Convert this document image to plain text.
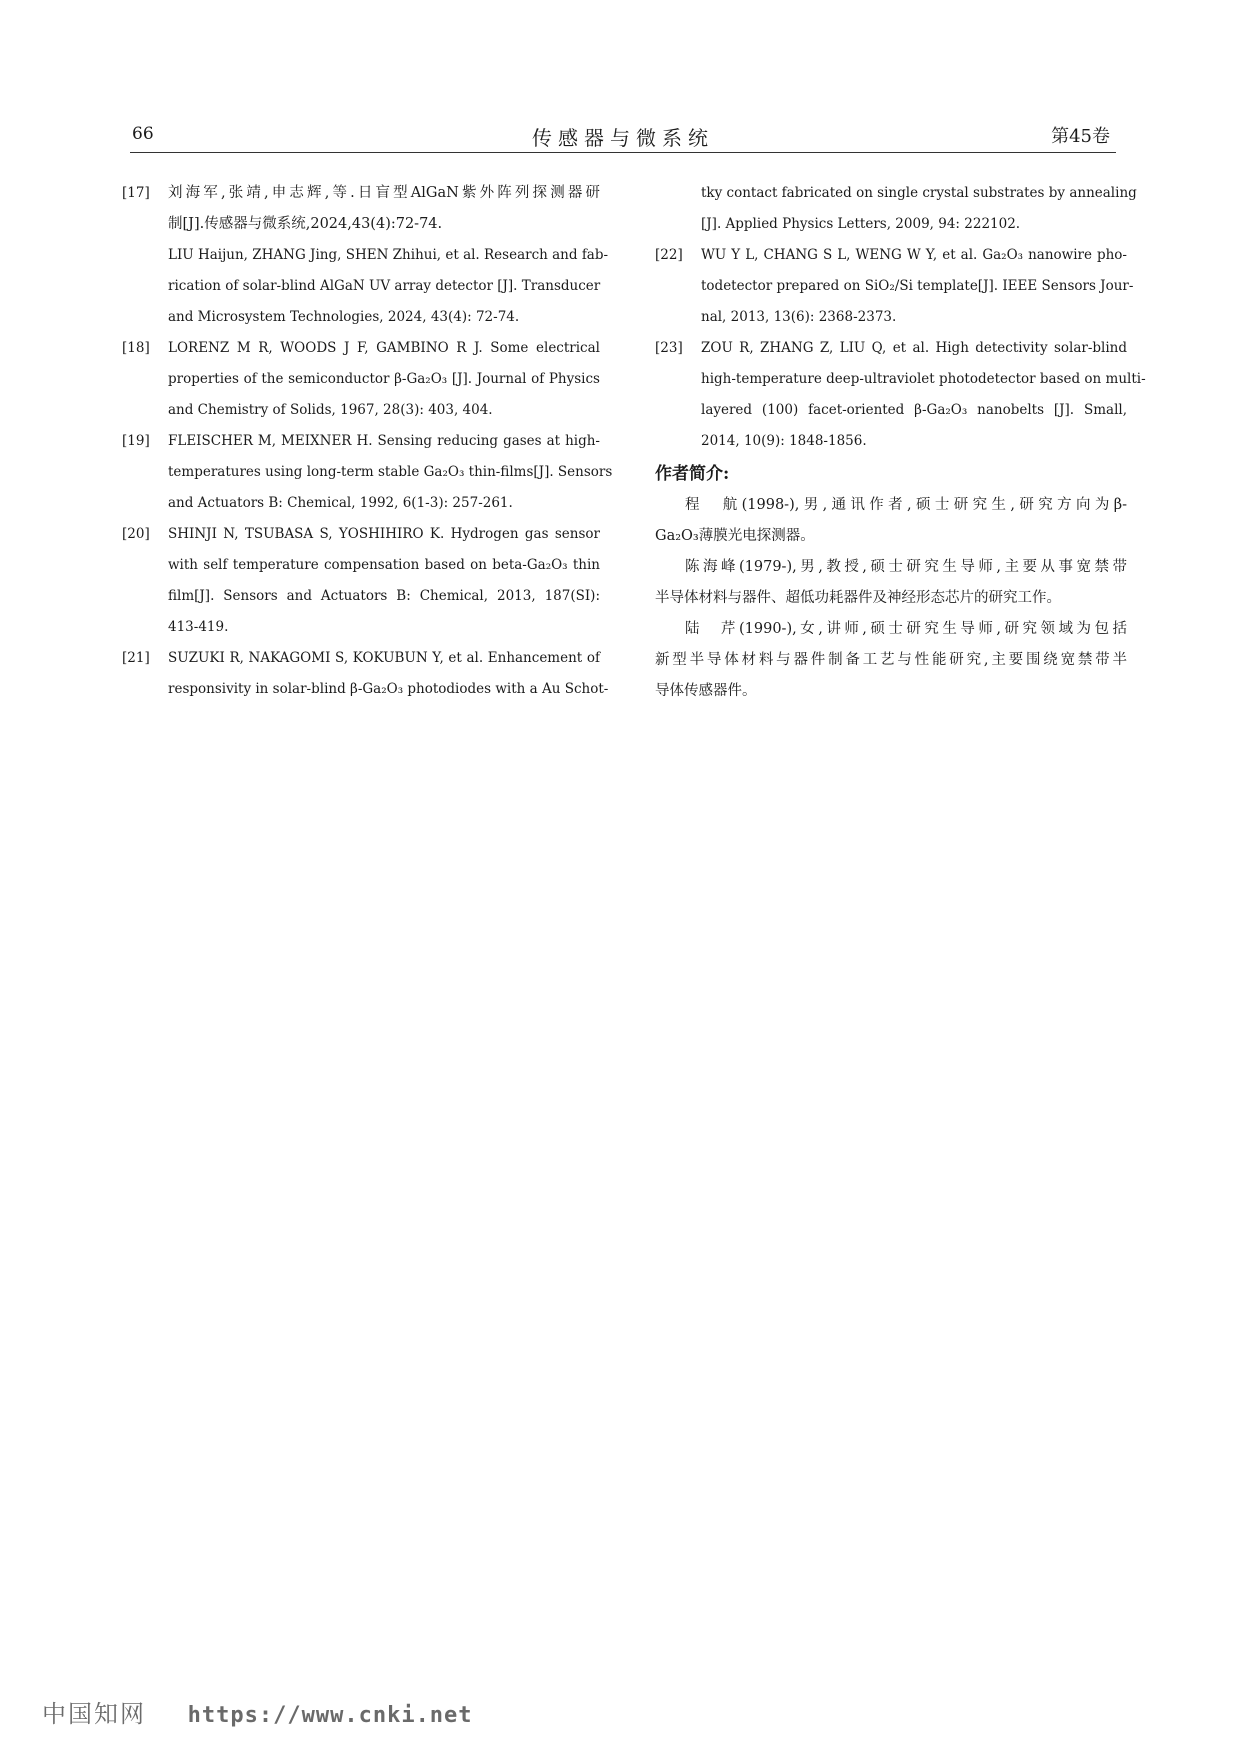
66	传感器与微系统	第45卷
[17] 刘海军,张靖,申志辉,等.日盲型AlGaN紫外阵列探测器研
制[J].传感器与微系统,2024,43(4):72-74.
LIU Haijun, ZHANG Jing, SHEN Zhihui, et al. Research and fab-
rication of solar-blind AlGaN UV array detector [J]. Transducer
and Microsystem Technologies, 2024, 43(4): 72-74.
[18] LORENZ M R, WOODS J F, GAMBINO R J. Some electrical
properties of the semiconductor β-Ga₂O₃ [J]. Journal of Physics
and Chemistry of Solids, 1967, 28(3): 403, 404.
[19] FLEISCHER M, MEIXNER H. Sensing reducing gases at high-
temperatures using long-term stable Ga₂O₃ thin-films[J]. Sensors
and Actuators B: Chemical, 1992, 6(1-3): 257-261.
[20] SHINJI N, TSUBASA S, YOSHIHIRO K. Hydrogen gas sensor
with self temperature compensation based on beta-Ga₂O₃ thin
film[J]. Sensors and Actuators B: Chemical, 2013, 187(SI):
413-419.
[21] SUZUKI R, NAKAGOMI S, KOKUBUN Y, et al. Enhancement of
responsivity in solar-blind β-Ga₂O₃ photodiodes with a Au Schot-
tky contact fabricated on single crystal substrates by annealing
[J]. Applied Physics Letters, 2009, 94: 222102.
[22] WU Y L, CHANG S L, WENG W Y, et al. Ga₂O₃ nanowire pho-
todetector prepared on SiO₂/Si template[J]. IEEE Sensors Jour-
nal, 2013, 13(6): 2368-2373.
[23] ZOU R, ZHANG Z, LIU Q, et al. High detectivity solar-blind
high-temperature deep-ultraviolet photodetector based on multi-
layered (100) facet-oriented β-Ga₂O₃ nanobelts [J]. Small,
2014, 10(9): 1848-1856.
作者简介:
程　航(1998-),男,通讯作者,硕士研究生,研究方向为β-
Ga₂O₃薄膜光电探测器。
陈海峰(1979-),男,教授,硕士研究生导师,主要从事宽禁带
半导体材料与器件、超低功耗器件及神经形态芯片的研究工作。
陆　芹(1990-),女,讲师,硕士研究生导师,研究领域为包括
新型半导体材料与器件制备工艺与性能研究,主要围绕宽禁带半
导体传感器件。
中国知网 https://www.cnki.net
